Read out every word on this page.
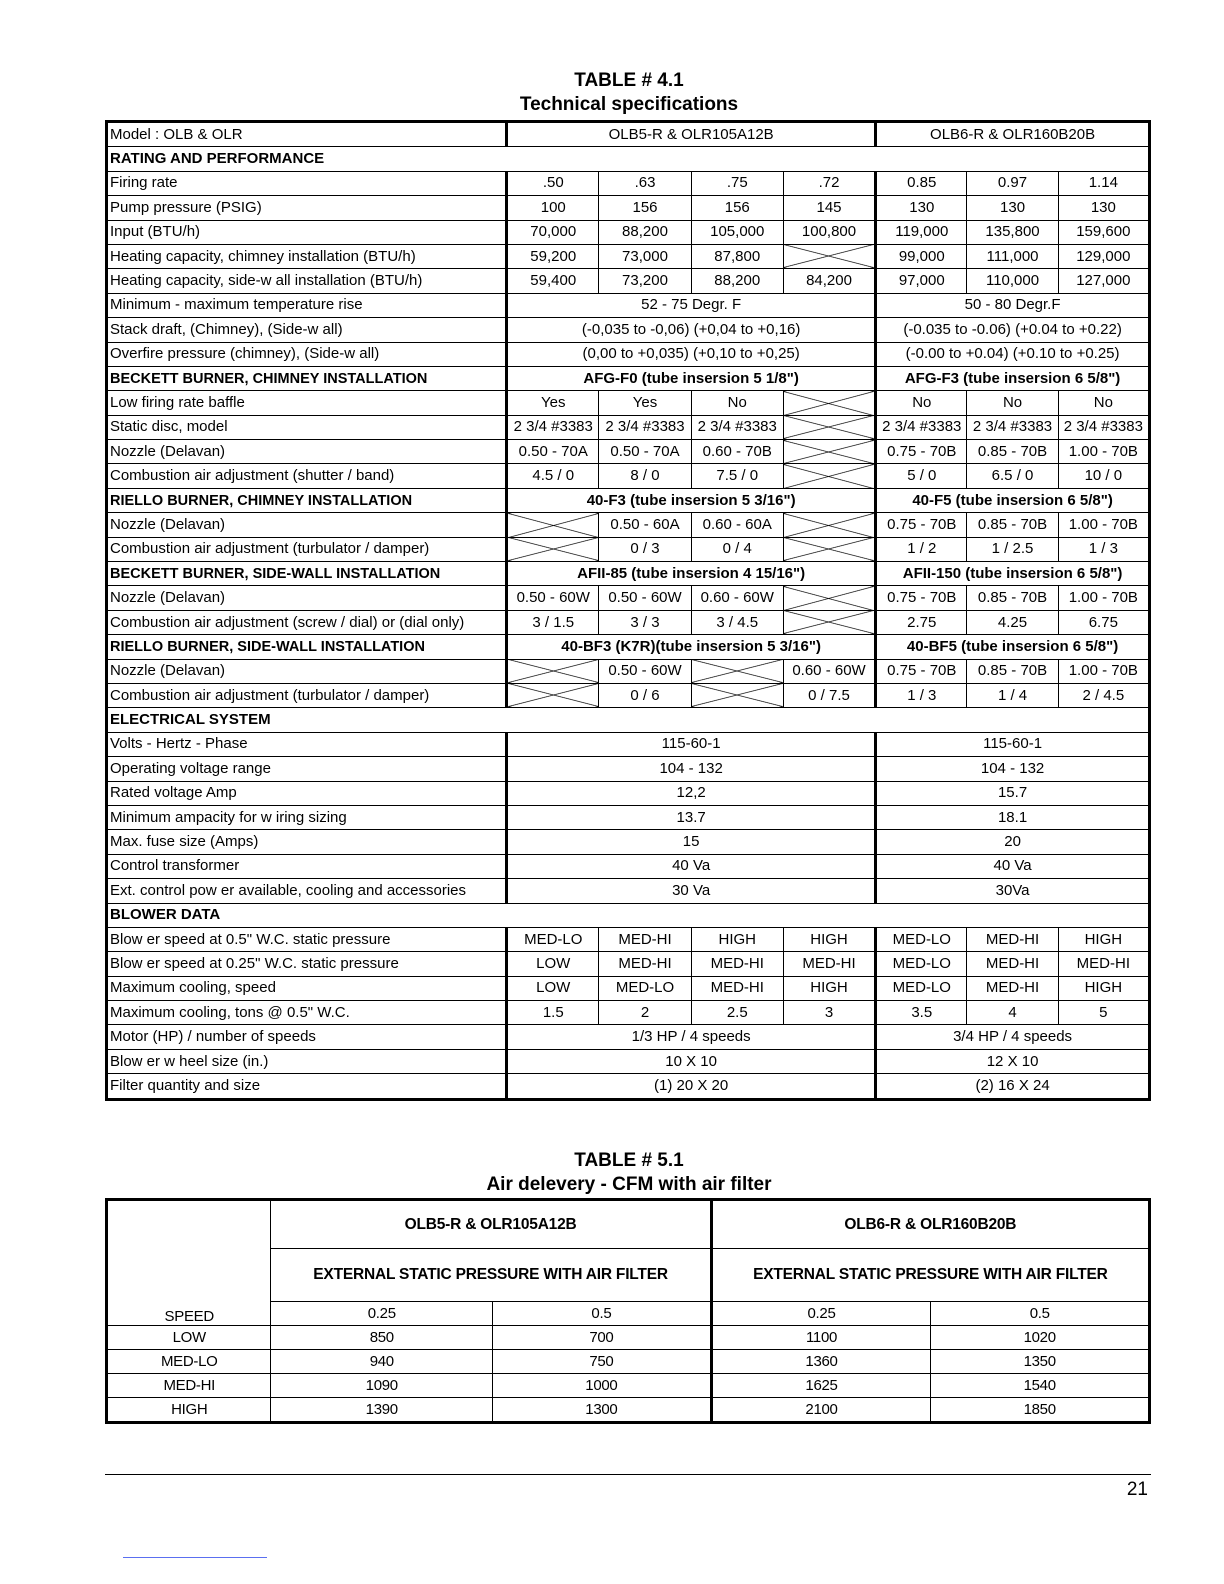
TABLE # 4.1
Technical specifications
Model : OLB & OLR	OLB5-R & OLR105A12B				OLB6-R & OLR160B20B		
RATING AND PERFORMANCE							
Firing rate	.50	.63	.75	.72	0.85	0.97	1.14
Pump pressure (PSIG)	100	156	156	145	130	130	130
Input (BTU/h)	70,000	88,200	105,000	100,800	119,000	135,800	159,600
Heating capacity, chimney installation (BTU/h)	59,200	73,000	87,800		99,000	111,000	129,000
Heating capacity, side-w all installation (BTU/h)	59,400	73,200	88,200	84,200	97,000	110,000	127,000
Minimum - maximum temperature rise	52 - 75 Degr. F				50 - 80 Degr.F		
Stack draft, (Chimney), (Side-w all)	(-0,035 to -0,06) (+0,04 to +0,16)				(-0.035 to -0.06) (+0.04 to +0.22)		
Overfire pressure (chimney), (Side-w all)	(0,00 to +0,035) (+0,10 to +0,25)				(-0.00 to +0.04) (+0.10 to +0.25)		
BECKETT BURNER, CHIMNEY INSTALLATION	AFG-F0 (tube insersion 5 1/8")				AFG-F3 (tube insersion 6 5/8")		
Low firing rate baffle	Yes	Yes	No		No	No	No
Static disc, model	2 3/4 #3383	2 3/4 #3383	2 3/4 #3383		2 3/4 #3383	2 3/4 #3383	2 3/4 #3383
Nozzle (Delavan)	0.50 - 70A	0.50 - 70A	0.60 - 70B		0.75 - 70B	0.85 - 70B	1.00 - 70B
Combustion air adjustment (shutter / band)	4.5 / 0	8 / 0	7.5 / 0		5 / 0	6.5 / 0	10 / 0
RIELLO BURNER, CHIMNEY INSTALLATION	40-F3 (tube insersion 5 3/16")				40-F5 (tube insersion 6 5/8")		
Nozzle (Delavan)		0.50 - 60A	0.60 - 60A		0.75 - 70B	0.85 - 70B	1.00 - 70B
Combustion air adjustment (turbulator / damper)		0 / 3	0 / 4		1 / 2	1 / 2.5	1 / 3
BECKETT BURNER, SIDE-WALL INSTALLATION	AFII-85 (tube insersion 4 15/16")				AFII-150 (tube insersion 6 5/8")		
Nozzle (Delavan)	0.50 - 60W	0.50 - 60W	0.60 - 60W		0.75 - 70B	0.85 - 70B	1.00 - 70B
Combustion air adjustment (screw / dial) or (dial only)	3 / 1.5	3 / 3	3 / 4.5		2.75	4.25	6.75
RIELLO BURNER, SIDE-WALL INSTALLATION	40-BF3 (K7R)(tube insersion 5 3/16")				40-BF5 (tube insersion 6 5/8")		
Nozzle (Delavan)		0.50 - 60W		0.60 - 60W	0.75 - 70B	0.85 - 70B	1.00 - 70B
Combustion air adjustment (turbulator / damper)		0 / 6		0 / 7.5	1 / 3	1 / 4	2 / 4.5
ELECTRICAL SYSTEM							
Volts - Hertz - Phase	115-60-1				115-60-1		
Operating voltage range	104 - 132				104 - 132		
Rated voltage Amp	12,2				15.7		
Minimum ampacity for w iring sizing	13.7				18.1		
Max. fuse size (Amps)	15				20		
Control transformer	40 Va				40 Va		
Ext. control pow er available, cooling and accessories	30 Va				30Va		
BLOWER DATA							
Blow er speed at 0.5" W.C. static pressure	MED-LO	MED-HI	HIGH	HIGH	MED-LO	MED-HI	HIGH
Blow er speed at 0.25" W.C. static pressure	LOW	MED-HI	MED-HI	MED-HI	MED-LO	MED-HI	MED-HI
Maximum cooling, speed	LOW	MED-LO	MED-HI	HIGH	MED-LO	MED-HI	HIGH
Maximum cooling, tons @ 0.5" W.C.	1.5	2	2.5	3	3.5	4	5
Motor (HP) / number of speeds	1/3 HP / 4 speeds				3/4 HP / 4 speeds		
Blow er w heel size (in.)	10 X 10				12 X 10		
Filter quantity and size	(1) 20 X 20				(2) 16 X 24		
TABLE # 5.1
Air delevery - CFM with air filter
	OLB5-R & OLR105A12B		OLB6-R & OLR160B20B	
	EXTERNAL STATIC PRESSURE WITH AIR FILTER		EXTERNAL STATIC PRESSURE WITH AIR FILTER	
SPEED	0.25	0.5	0.25	0.5
LOW	850	700	1100	1020
MED-LO	940	750	1360	1350
MED-HI	1090	1000	1625	1540
HIGH	1390	1300	2100	1850
21
